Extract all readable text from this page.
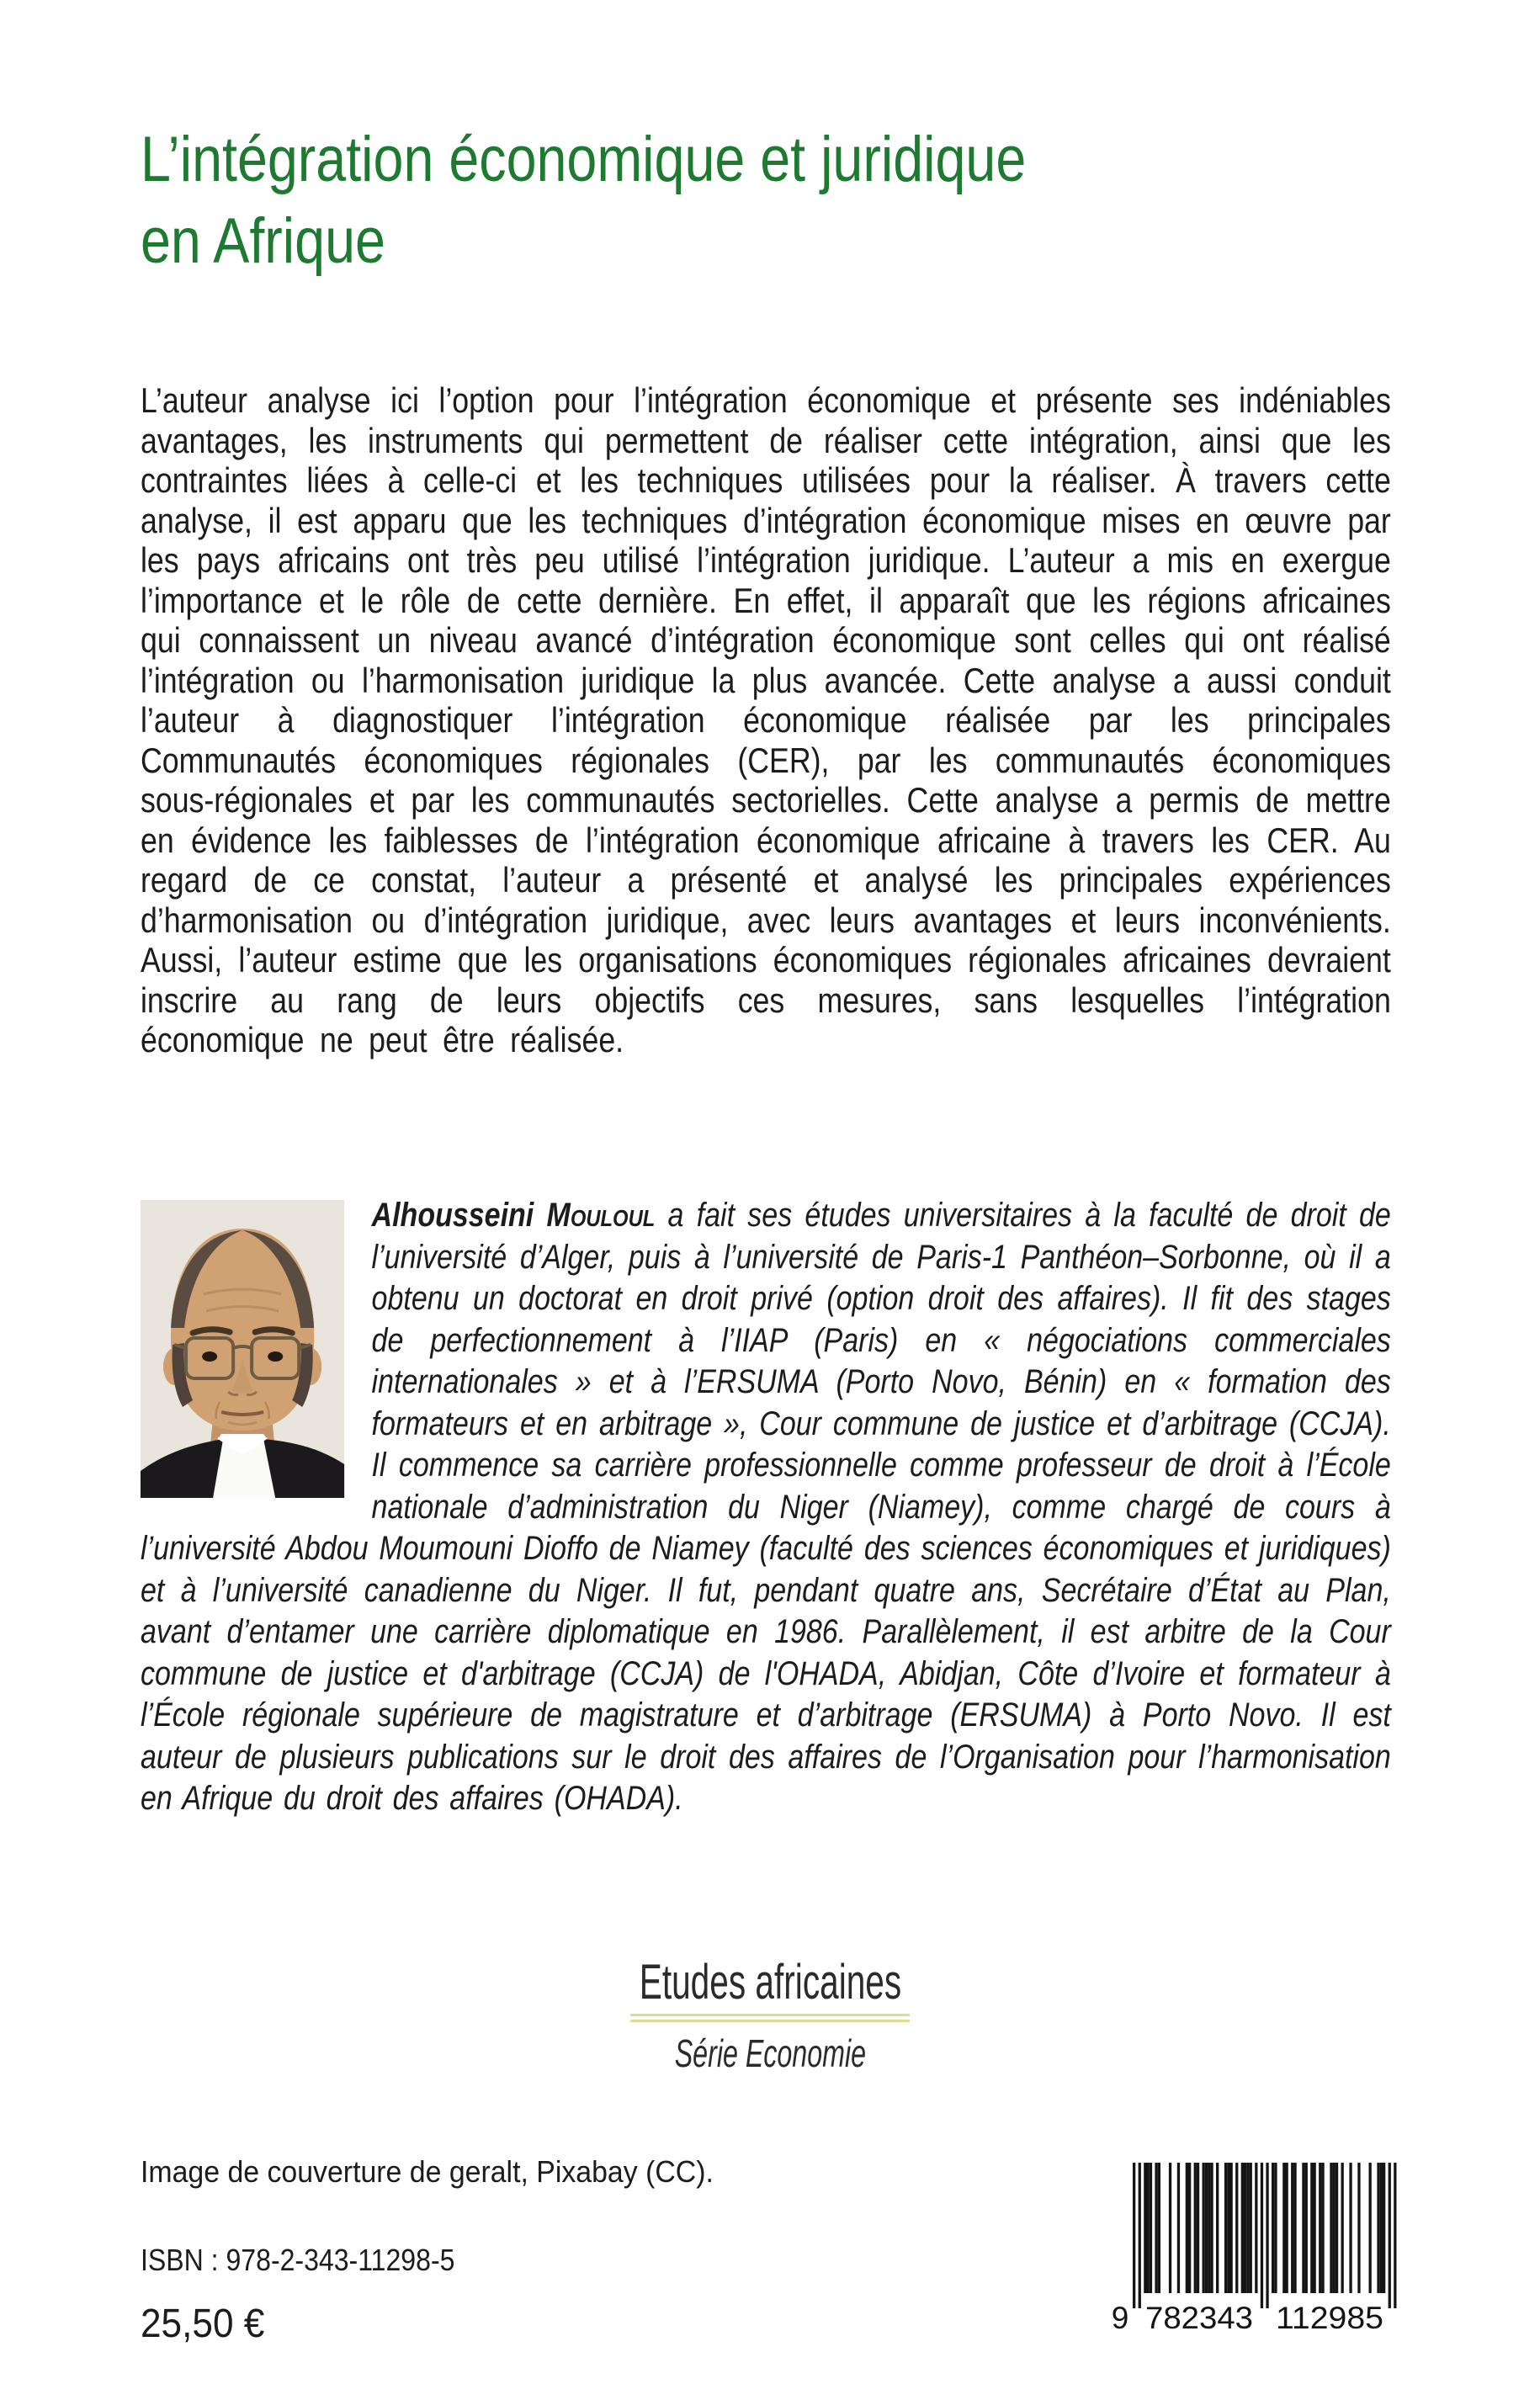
L’intégration économique et juridique
en Afrique

L’auteur analyse ici l’option pour l’intégration économique et présente ses indéniables avantages, les instruments qui permettent de réaliser cette intégration, ainsi que les contraintes liées à celle-ci et les techniques utilisées pour la réaliser. À travers cette analyse, il est apparu que les techniques d’intégration économique mises en œuvre par les pays africains ont très peu utilisé l’intégration juridique. L’auteur a mis en exergue l’importance et le rôle de cette dernière. En effet, il apparaît que les régions africaines qui connaissent un niveau avancé d’intégration économique sont celles qui ont réalisé l’intégration ou l’harmonisation juridique la plus avancée. Cette analyse a aussi conduit l’auteur à diagnostiquer l’intégration économique réalisée par les principales Communautés économiques régionales (CER), par les communautés économiques sous-régionales et par les communautés sectorielles. Cette analyse a permis de mettre en évidence les faiblesses de l’intégration économique africaine à travers les CER. Au regard de ce constat, l’auteur a présenté et analysé les principales expériences d’harmonisation ou d’intégration juridique, avec leurs avantages et leurs inconvénients. Aussi, l’auteur estime que les organisations économiques régionales africaines devraient inscrire au rang de leurs objectifs ces mesures, sans lesquelles l’intégration économique ne peut être réalisée.

Alhousseini Mouloul a fait ses études universitaires à la faculté de droit de l’université d’Alger, puis à l’université de Paris-1 Panthéon–Sorbonne, où il a obtenu un doctorat en droit privé (option droit des affaires). Il fit des stages de perfectionnement à l’IIAP (Paris) en « négociations commerciales internationales » et à l’ERSUMA (Porto Novo, Bénin) en « formation des formateurs et en arbitrage », Cour commune de justice et d’arbitrage (CCJA). Il commence sa carrière professionnelle comme professeur de droit à l’École nationale d’administration du Niger (Niamey), comme chargé de cours à l’université Abdou Moumouni Dioffo de Niamey (faculté des sciences économiques et juridiques) et à l’université canadienne du Niger. Il fut, pendant quatre ans, Secrétaire d’État au Plan, avant d’entamer une carrière diplomatique en 1986. Parallèlement, il est arbitre de la Cour commune de justice et d'arbitrage (CCJA) de l'OHADA, Abidjan, Côte d’Ivoire et formateur à l’École régionale supérieure de magistrature et d’arbitrage (ERSUMA) à Porto Novo. Il est auteur de plusieurs publications sur le droit des affaires de l’Organisation pour l’harmonisation en Afrique du droit des affaires (OHADA).

Etudes africaines
Série Economie
Image de couverture de geralt, Pixabay (CC).
ISBN : 978-2-343-11298-5
25,50 €	9 782343 112985
